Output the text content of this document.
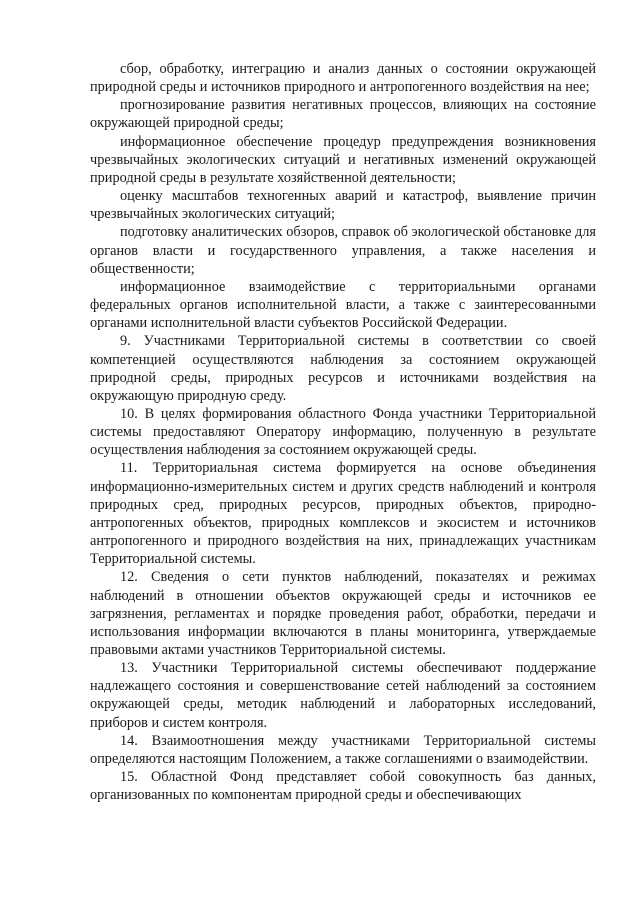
сбор, обработку, интеграцию и анализ данных о состоянии окружающей природной среды и источников природного и антропогенного воздействия на нее;

прогнозирование развития негативных процессов, влияющих на состояние окружающей природной среды;

информационное обеспечение процедур предупреждения возникновения чрезвычайных экологических ситуаций и негативных изменений окружающей природной среды в результате хозяйственной деятельности;

оценку масштабов техногенных аварий и катастроф, выявление причин чрезвычайных экологических ситуаций;

подготовку аналитических обзоров, справок об экологической обстановке для органов власти и государственного управления, а также населения и общественности;

информационное взаимодействие с территориальными органами федеральных органов исполнительной власти, а также с заинтересованными органами исполнительной власти субъектов Российской Федерации.

9. Участниками Территориальной системы в соответствии со своей компетенцией осуществляются наблюдения за состоянием окружающей природной среды, природных ресурсов и источниками воздействия на окружающую природную среду.

10. В целях формирования областного Фонда участники Территориальной системы предоставляют Оператору информацию, полученную в результате осуществления наблюдения за состоянием окружающей среды.

11. Территориальная система формируется на основе объединения информационно-измерительных систем и других средств наблюдений и контроля природных сред, природных ресурсов, природных объектов, природно-антропогенных объектов, природных комплексов и экосистем и источников антропогенного и природного воздействия на них, принадлежащих участникам Территориальной системы.

12. Сведения о сети пунктов наблюдений, показателях и режимах наблюдений в отношении объектов окружающей среды и источников ее загрязнения, регламентах и порядке проведения работ, обработки, передачи и использования информации включаются в планы мониторинга, утверждаемые правовыми актами участников Территориальной системы.

13. Участники Территориальной системы обеспечивают поддержание надлежащего состояния и совершенствование сетей наблюдений за состоянием окружающей среды, методик наблюдений и лабораторных исследований, приборов и систем контроля.

14. Взаимоотношения между участниками Территориальной системы определяются настоящим Положением, а также соглашениями о взаимодействии.

15. Областной Фонд представляет собой совокупность баз данных, организованных по компонентам природной среды и обеспечивающих
